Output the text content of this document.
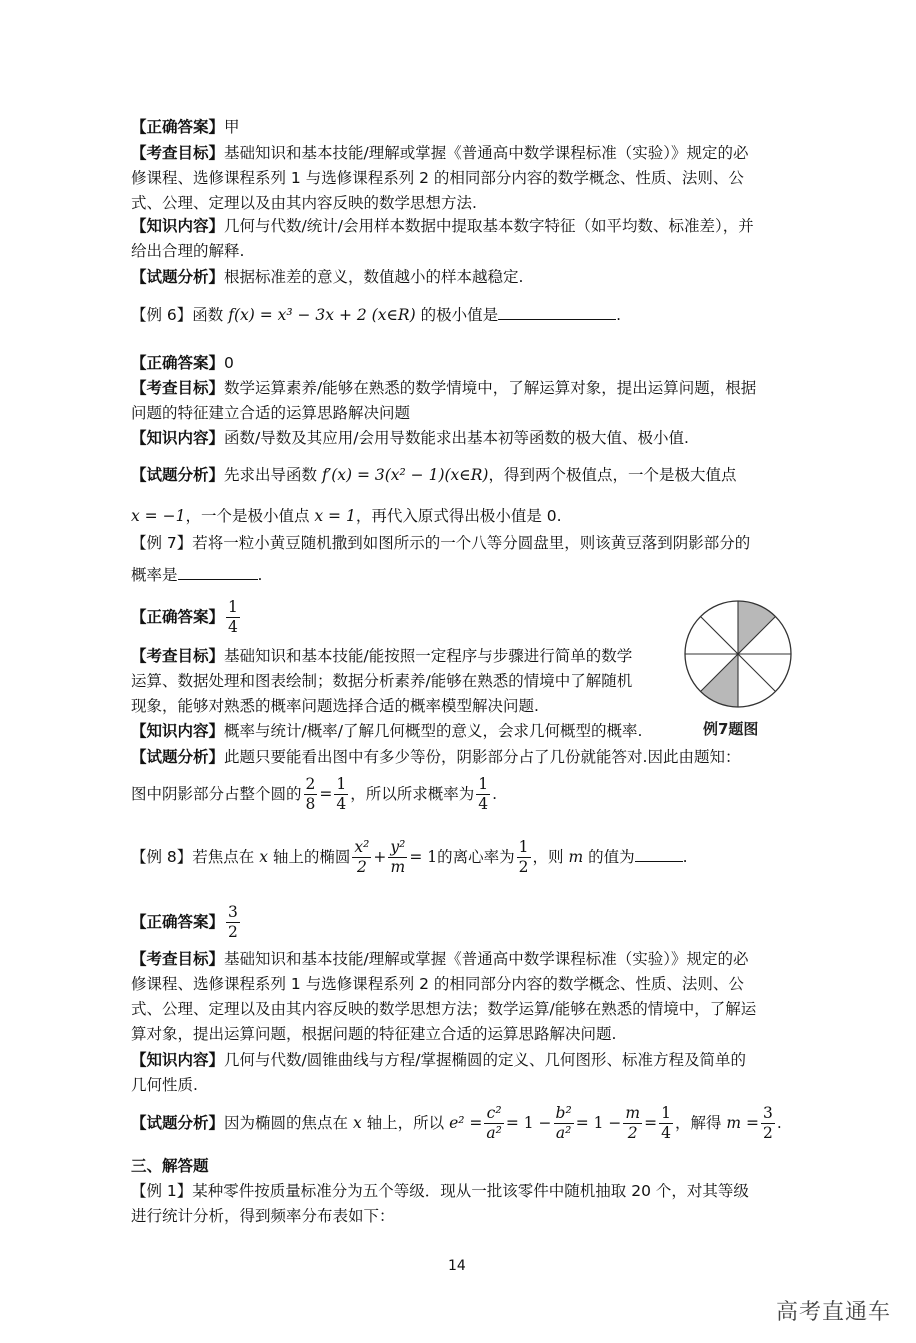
【正确答案】甲
【考查目标】基础知识和基本技能/理解或掌握《普通高中数学课程标准（实验）》规定的必
修课程、选修课程系列 1 与选修课程系列 2 的相同部分内容的数学概念、性质、法则、公
式、公理、定理以及由其内容反映的数学思想方法.
【知识内容】几何与代数/统计/会用样本数据中提取基本数字特征（如平均数、标准差），并
给出合理的解释.
【试题分析】根据标准差的意义，数值越小的样本越稳定.
【例 6】函数 f(x) = x³ − 3x + 2 (x∈R) 的极小值是	.
【正确答案】0
【考查目标】数学运算素养/能够在熟悉的数学情境中，了解运算对象，提出运算问题，根据
问题的特征建立合适的运算思路解决问题
【知识内容】函数/导数及其应用/会用导数能求出基本初等函数的极大值、极小值.
【试题分析】先求出导函数 f′(x) = 3(x² − 1)(x∈R)，得到两个极值点，一个是极大值点
x = −1，一个是极小值点 x = 1，再代入原式得出极小值是 0.
【例 7】若将一粒小黄豆随机撒到如图所示的一个八等分圆盘里，则该黄豆落到阴影部分的
概率是	.
【正确答案】 $\frac{1}{4}$
【考查目标】基础知识和基本技能/能按照一定程序与步骤进行简单的数学
运算、数据处理和图表绘制；数据分析素养/能够在熟悉的情境中了解随机
现象，能够对熟悉的概率问题选择合适的概率模型解决问题.
【知识内容】概率与统计/概率/了解几何概型的意义，会求几何概型的概率.	例7题图
【试题分析】此题只要能看出图中有多少等份，阴影部分占了几份就能答对.因此由题知：
图中阴影部分占整个圆的 $\frac{2}{8} = \frac{1}{4}$ ，所以所求概率为 $\frac{1}{4}$ .
【例 8】若焦点在 x 轴上的椭圆 $\frac{\text{x²}}{2} + \frac{\text{y²}}{m} = 1$的离心率为 $\frac{1}{2}$ ，则 m 的值为	.
【正确答案】 $\frac{3}{2}$
【考查目标】基础知识和基本技能/理解或掌握《普通高中数学课程标准（实验）》规定的必
修课程、选修课程系列 1 与选修课程系列 2 的相同部分内容的数学概念、性质、法则、公
式、公理、定理以及由其内容反映的数学思想方法；数学运算/能够在熟悉的情境中，了解运
算对象，提出运算问题，根据问题的特征建立合适的运算思路解决问题.
【知识内容】几何与代数/圆锥曲线与方程/掌握椭圆的定义、几何图形、标准方程及简单的
几何性质.
【试题分析】因为椭圆的焦点在 x 轴上，所以 $e^2 = \frac{\text{c²}}{\text{a²}} = 1 - \frac{\text{b²}}{\text{a²}} = 1 - \frac{m}{2} = \frac{1}{4}$ ，解得 $m = \frac{3}{2}$ .
三、解答题
【例 1】某种零件按质量标准分为五个等级．现从一批该零件中随机抽取 20 个，对其等级
进行统计分析，得到频率分布表如下：
14
高考直通车
